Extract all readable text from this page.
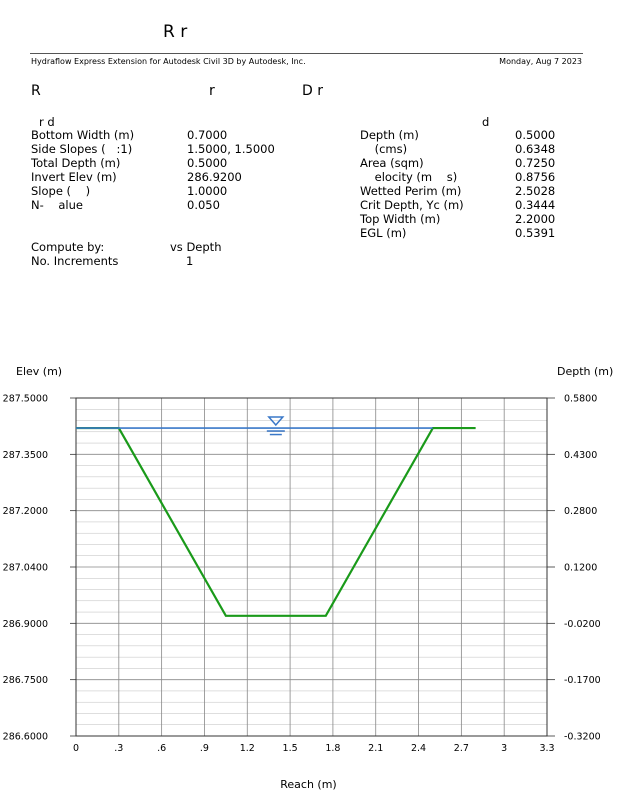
R r
Hydraflow Express Extension for Autodesk Civil 3D by Autodesk, Inc.	Monday, Aug 7 2023
R	r	D r
r d
Bottom Width (m)	0.7000
Side Slopes (   :1)	1.5000, 1.5000
Total Depth (m)	0.5000
Invert Elev (m)	286.9200
Slope (    )	1.0000
N-    alue	0.050
Compute by:	vs Depth
No. Increments	1
d
Depth (m)	0.5000
(cms)	0.6348
Area (sqm)	0.7250
elocity (m    s)	0.8756
Wetted Perim (m)	2.5028
Crit Depth, Yc (m)	0.3444
Top Width (m)	2.2000
EGL (m)	0.5391
0	.3	.6	.9	1.2	1.5	1.8	2.1	2.4	2.7	3	3.3
287.5000
287.3500
287.2000
287.0400
286.9000
286.7500
286.6000
0.5800
0.4300
0.2800
0.1200
-0.0200
-0.1700
-0.3200
Elev (m)	Depth (m)
Reach (m)
